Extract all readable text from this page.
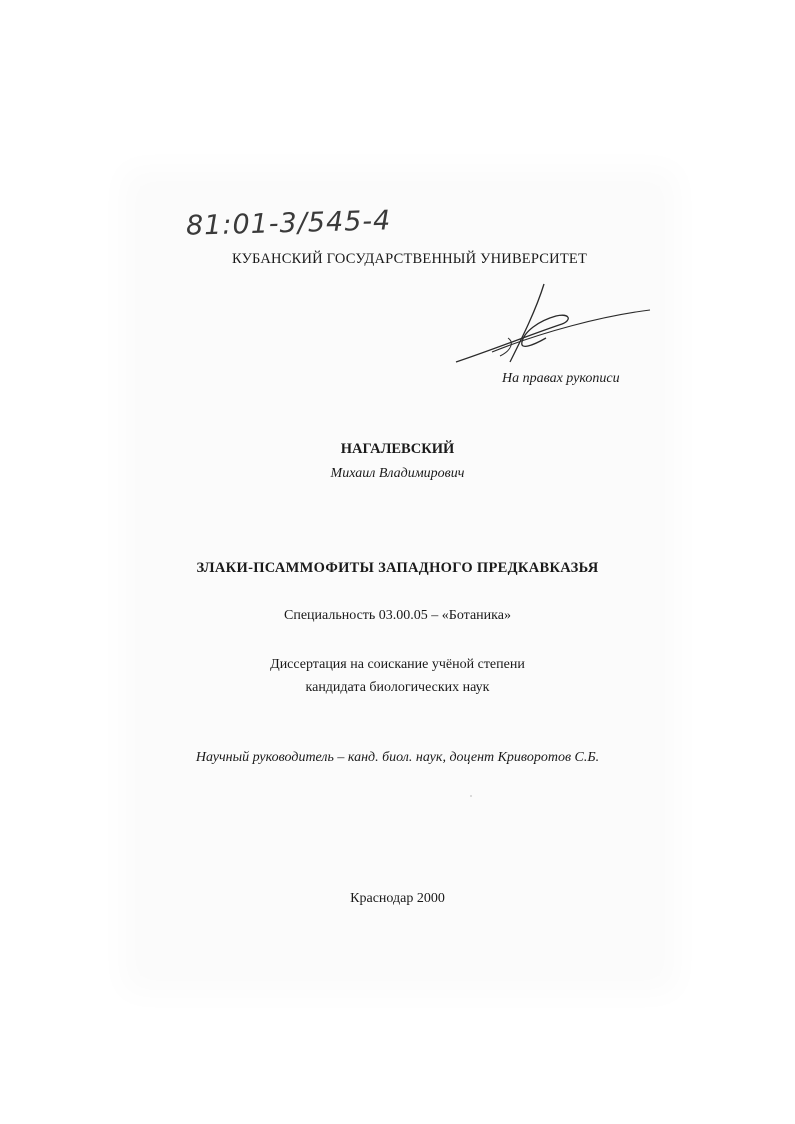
81:01-3/545-4
КУБАНСКИЙ ГОСУДАРСТВЕННЫЙ УНИВЕРСИТЕТ
На правах рукописи
НАГАЛЕВСКИЙ
Михаил Владимирович
ЗЛАКИ-ПСАММОФИТЫ ЗАПАДНОГО ПРЕДКАВКАЗЬЯ
Специальность 03.00.05 – «Ботаника»
Диссертация на соискание учёной степени
кандидата биологических наук
Научный руководитель – канд. биол. наук, доцент Криворотов С.Б.
Краснодар 2000
